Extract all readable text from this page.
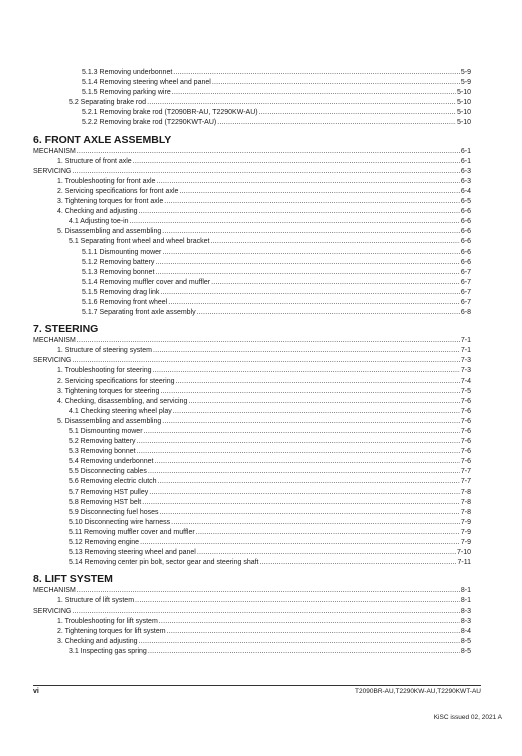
5.1.3 Removing underbonnet .....	5-9
5.1.4 Removing steering wheel and panel .....	5-9
5.1.5 Removing parking wire .....	5-10
5.2 Separating brake rod .....	5-10
5.2.1 Removing brake rod (T2090BR-AU, T2290KW-AU) .....	5-10
5.2.2 Removing brake rod (T2290KWT-AU) .....	5-10
6. FRONT AXLE ASSEMBLY
MECHANISM .....	6-1
1. Structure of front axle .....	6-1
SERVICING .....	6-3
1. Troubleshooting for front axle .....	6-3
2. Servicing specifications for front axle .....	6-4
3. Tightening torques for front axle .....	6-5
4. Checking and adjusting .....	6-6
4.1 Adjusting toe-in .....	6-6
5. Disassembling and assembling .....	6-6
5.1 Separating front wheel and wheel bracket .....	6-6
5.1.1 Dismounting mower .....	6-6
5.1.2 Removing battery .....	6-6
5.1.3 Removing bonnet .....	6-7
5.1.4 Removing muffler cover and muffler .....	6-7
5.1.5 Removing drag link .....	6-7
5.1.6 Removing front wheel .....	6-7
5.1.7 Separating front axle assembly .....	6-8
7. STEERING
MECHANISM .....	7-1
1. Structure of steering system .....	7-1
SERVICING .....	7-3
1. Troubleshooting for steering .....	7-3
2. Servicing specifications for steering .....	7-4
3. Tightening torques for steering .....	7-5
4. Checking, disassembling, and servicing .....	7-6
4.1 Checking steering wheel play .....	7-6
5. Disassembling and assembling .....	7-6
5.1 Dismounting mower .....	7-6
5.2 Removing battery .....	7-6
5.3 Removing bonnet .....	7-6
5.4 Removing underbonnet .....	7-6
5.5 Disconnecting cables .....	7-7
5.6 Removing electric clutch .....	7-7
5.7 Removing HST pulley .....	7-8
5.8 Removing HST belt .....	7-8
5.9 Disconnecting fuel hoses .....	7-8
5.10 Disconnecting wire harness .....	7-9
5.11 Removing muffler cover and muffler .....	7-9
5.12 Removing engine .....	7-9
5.13 Removing steering wheel and panel .....	7-10
5.14 Removing center pin bolt, sector gear and steering shaft .....	7-11
8. LIFT SYSTEM
MECHANISM .....	8-1
1. Structure of lift system .....	8-1
SERVICING .....	8-3
1. Troubleshooting for lift system .....	8-3
2. Tightening torques for lift system .....	8-4
3. Checking and adjusting .....	8-5
3.1 Inspecting gas spring .....	8-5
vi	T2090BR-AU,T2290KW-AU,T2290KWT-AU
KiSC issued 02, 2021 A
